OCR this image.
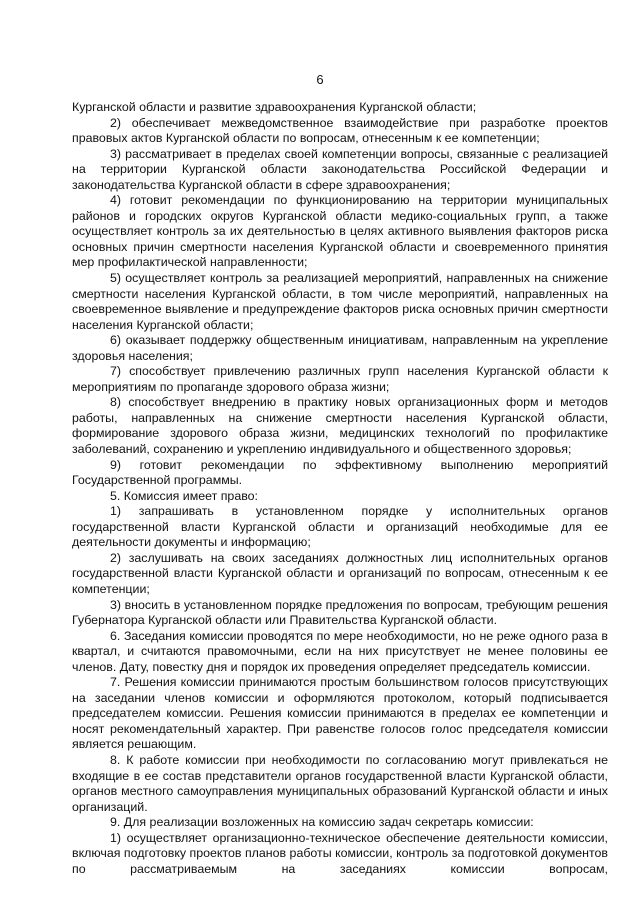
6

Курганской области и развитие здравоохранения Курганской области;

2) обеспечивает межведомственное взаимодействие при разработке проектов правовых актов Курганской области по вопросам, отнесенным к ее компетенции;

3) рассматривает в пределах своей компетенции вопросы, связанные с реализацией на территории Курганской области законодательства Российской Федерации и законодательства Курганской области в сфере здравоохранения;

4) готовит рекомендации по функционированию на территории муниципальных районов и городских округов Курганской области медико-социальных групп, а также осуществляет контроль за их деятельностью в целях активного выявления факторов риска основных причин смертности населения Курганской области и своевременного принятия мер профилактической направленности;

5) осуществляет контроль за реализацией мероприятий, направленных на снижение смертности населения Курганской области, в том числе мероприятий, направленных на своевременное выявление и предупреждение факторов риска основных причин смертности населения Курганской области;

6) оказывает поддержку общественным инициативам, направленным на укрепление здоровья населения;

7) способствует привлечению различных групп населения Курганской области к мероприятиям по пропаганде здорового образа жизни;

8) способствует внедрению в практику новых организационных форм и методов работы, направленных на снижение смертности населения Курганской области, формирование здорового образа жизни, медицинских технологий по профилактике заболеваний, сохранению и укреплению индивидуального и общественного здоровья;

9) готовит рекомендации по эффективному выполнению мероприятий Государственной программы.

5. Комиссия имеет право:

1) запрашивать в установленном порядке у исполнительных органов государственной власти Курганской области и организаций необходимые для ее деятельности документы и информацию;

2) заслушивать на своих заседаниях должностных лиц исполнительных органов государственной власти Курганской области и организаций по вопросам, отнесенным к ее компетенции;

3) вносить в установленном порядке предложения по вопросам, требующим решения Губернатора Курганской области или Правительства Курганской области.

6. Заседания комиссии проводятся по мере необходимости, но не реже одного раза в квартал, и считаются правомочными, если на них присутствует не менее половины ее членов. Дату, повестку дня и порядок их проведения определяет председатель комиссии.

7. Решения комиссии принимаются простым большинством голосов присутствующих на заседании членов комиссии и оформляются протоколом, который подписывается председателем комиссии. Решения комиссии принимаются в пределах ее компетенции и носят рекомендательный характер. При равенстве голосов голос председателя комиссии является решающим.

8. К работе комиссии при необходимости по согласованию могут привлекаться не входящие в ее состав представители органов государственной власти Курганской области, органов местного самоуправления муниципальных образований Курганской области и иных организаций.

9. Для реализации возложенных на комиссию задач секретарь комиссии:

1) осуществляет организационно-техническое обеспечение деятельности комиссии, включая подготовку проектов планов работы комиссии, контроль за подготовкой документов по рассматриваемым на заседаниях комиссии вопросам,
